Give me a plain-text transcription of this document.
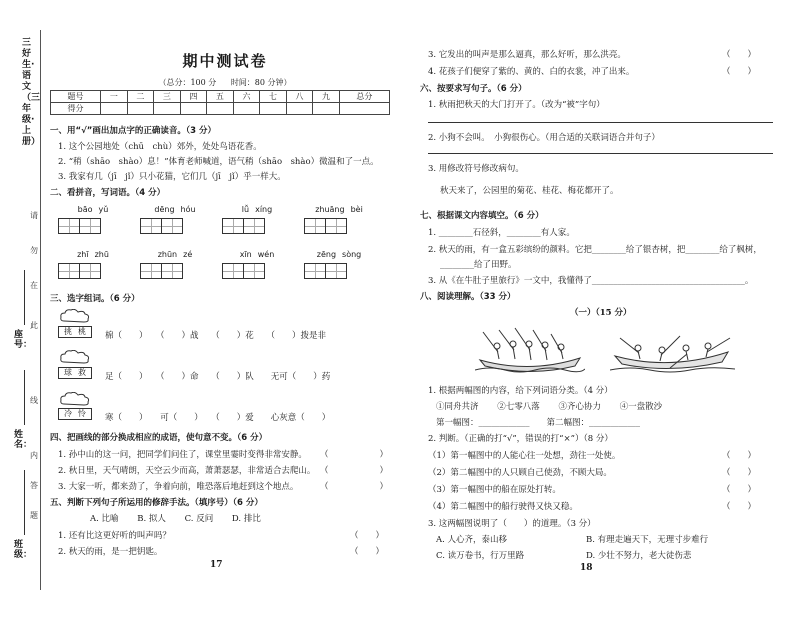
三好生·语文（三年级·上册）
请
勿
在
此
线
内
答
题
座号：
姓名：
班级：
期中测试卷
（总分：100 分 时间：80 分钟）
题号	一	二	三	四	五	六	七	八	九	总分
得分										
一、用“√”画出加点字的正确读音。（3 分）
1. 这个公园地处（chū　chù）郊外，处处鸟语花香。
2. “稍（shāo　shào）息！”体育老师喊道，语气稍（shāo　shào）微温和了一点。
3. 我家有几（jī　jǐ）只小花猫，它们几（jī　jǐ）乎一样大。
二、看拼音，写词语。（4 分）
bāo yǔ	dēng hóu	lǚ xíng	zhuāng bèi
zhī zhū	zhūn zé	xīn wén	zēng sòng
三、选字组词。（6 分）
挑 桃	棉（　　）　　（　　）战　　（　　）花　　（　　）拨是非
球 救	足（　　）　　（　　）命　　（　　）队　　无可（　　）药
冷 怜	寒（　　）　　可（　　）　　（　　）爱　　心灰意（　　）
四、把画线的部分换成相应的成语，使句意不变。（6 分）
1. 孙中山的这一问，把同学们问住了，课堂里霎时变得非常安静。 （　　　　　　）
2. 秋日里，天气晴朗，天空云少而高，萧萧瑟瑟，非常适合去爬山。 （　　　　　　）
3. 大家一听，都来劲了，争着向前，唯恐落后地赶到这个地点。	（　　　　　　）
五、判断下列句子所运用的修辞手法。（填序号）（6 分）
A. 比喻 B. 拟人 C. 反问 D. 排比
1. 还有比这更好听的叫声吗？	（　　）
2. 秋天的雨，是一把钥匙。	（　　）
17
3. 它发出的叫声是那么逼真，那么好听，那么洪亮。	（　　）
4. 花孩子们便穿了紫的、黄的、白的衣裳，冲了出来。	（　　）
六、按要求写句子。（6 分）
1. 秋雨把秋天的大门打开了。（改为“被”字句）
2. 小狗不会叫。　小狗很伤心。（用合适的关联词语合并句子）
3. 用修改符号修改病句。
秋天来了，公园里的菊花、桂花、梅花都开了。
七、根据课文内容填空。（6 分）
1. ________石径斜，________有人家。
2. 秋天的雨，有一盒五彩缤纷的颜料。它把________给了银杏树，把________给了枫树，
________给了田野。
3. 从《在牛肚子里旅行》一文中，我懂得了____________________________________。
八、阅读理解。（33 分）
（一）（15 分）
1. 根据两幅图的内容，给下列词语分类。（4 分）
①同舟共济 ②七零八落 ③齐心协力 ④一盘散沙
第一幅图：____________　　第二幅图：____________
2. 判断。（正确的打“√”，错误的打“×”）（8 分）
（1）第一幅图中的人能心往一处想，劲往一处使。	（　　）
（2）第二幅图中的人只顾自己使劲，不顾大局。	（　　）
（3）第一幅图中的船在原处打转。	（　　）
（4）第二幅图中的船行驶得又快又稳。	（　　）
3. 这两幅图说明了（　　）的道理。（3 分）
A. 人心齐，泰山移	B. 有理走遍天下，无理寸步难行
C. 读万卷书，行万里路	D. 少壮不努力，老大徒伤悲
18
